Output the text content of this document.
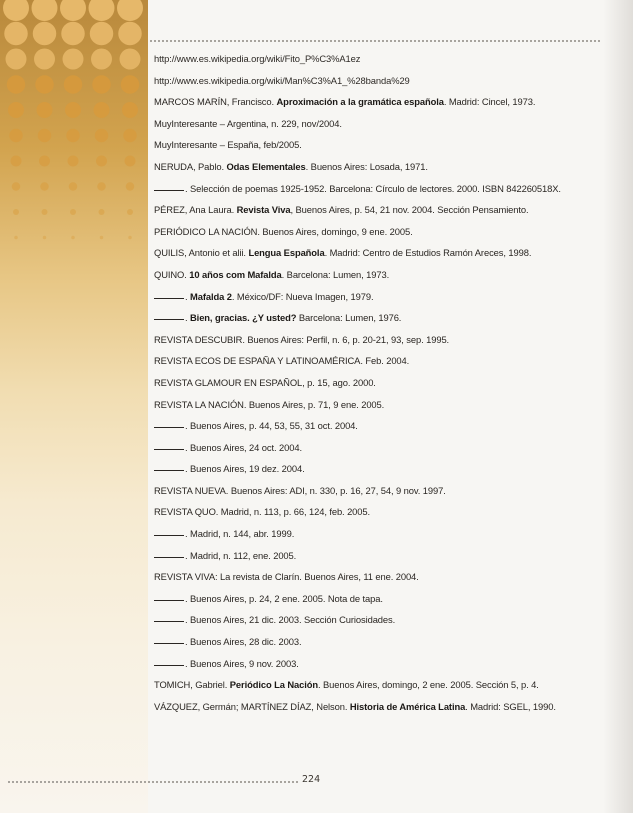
http://www.es.wikipedia.org/wiki/Fito_P%C3%A1ez
http://www.es.wikipedia.org/wiki/Man%C3%A1_%28banda%29
MARCOS MARÍN, Francisco. Aproximación a la gramática española. Madrid: Cincel, 1973.
MuyInteresante – Argentina, n. 229, nov/2004.
MuyInteresante – España, feb/2005.
NERUDA, Pablo. Odas Elementales. Buenos Aires: Losada, 1971.
. Selección de poemas 1925-1952. Barcelona: Círculo de lectores. 2000. ISBN 842260518X.
PÉREZ, Ana Laura. Revista Viva, Buenos Aires, p. 54, 21 nov. 2004. Sección Pensamiento.
PERIÓDICO LA NACIÓN. Buenos Aires, domingo, 9 ene. 2005.
QUILIS, Antonio et alii. Lengua Española. Madrid: Centro de Estudios Ramón Areces, 1998.
QUINO. 10 años com Mafalda. Barcelona: Lumen, 1973.
. Mafalda 2. México/DF: Nueva Imagen, 1979.
. Bien, gracias. ¿Y usted? Barcelona: Lumen, 1976.
REVISTA DESCUBIR. Buenos Aires: Perfil, n. 6, p. 20-21, 93, sep. 1995.
REVISTA ECOS DE ESPAÑA Y LATINOAMÉRICA. Feb. 2004.
REVISTA GLAMOUR EN ESPAÑOL, p. 15, ago. 2000.
REVISTA LA NACIÓN. Buenos Aires, p. 71, 9 ene. 2005.
. Buenos Aires, p. 44, 53, 55, 31 oct. 2004.
. Buenos Aires, 24 oct. 2004.
. Buenos Aires, 19 dez. 2004.
REVISTA NUEVA. Buenos Aires: ADI, n. 330, p. 16, 27, 54, 9 nov. 1997.
REVISTA QUO. Madrid, n. 113, p. 66, 124, feb. 2005.
. Madrid, n. 144, abr. 1999.
. Madrid, n. 112, ene. 2005.
REVISTA VIVA: La revista de Clarín. Buenos Aires, 11 ene. 2004.
. Buenos Aires, p. 24, 2 ene. 2005. Nota de tapa.
. Buenos Aires, 21 dic. 2003. Sección Curiosidades.
. Buenos Aires, 28 dic. 2003.
. Buenos Aires, 9 nov. 2003.
TOMICH, Gabriel. Periódico La Nación. Buenos Aires, domingo, 2 ene. 2005. Sección 5, p. 4.
VÁZQUEZ, Germán; MARTÍNEZ DÍAZ, Nelson. Historia de América Latina. Madrid: SGEL, 1990.
224
